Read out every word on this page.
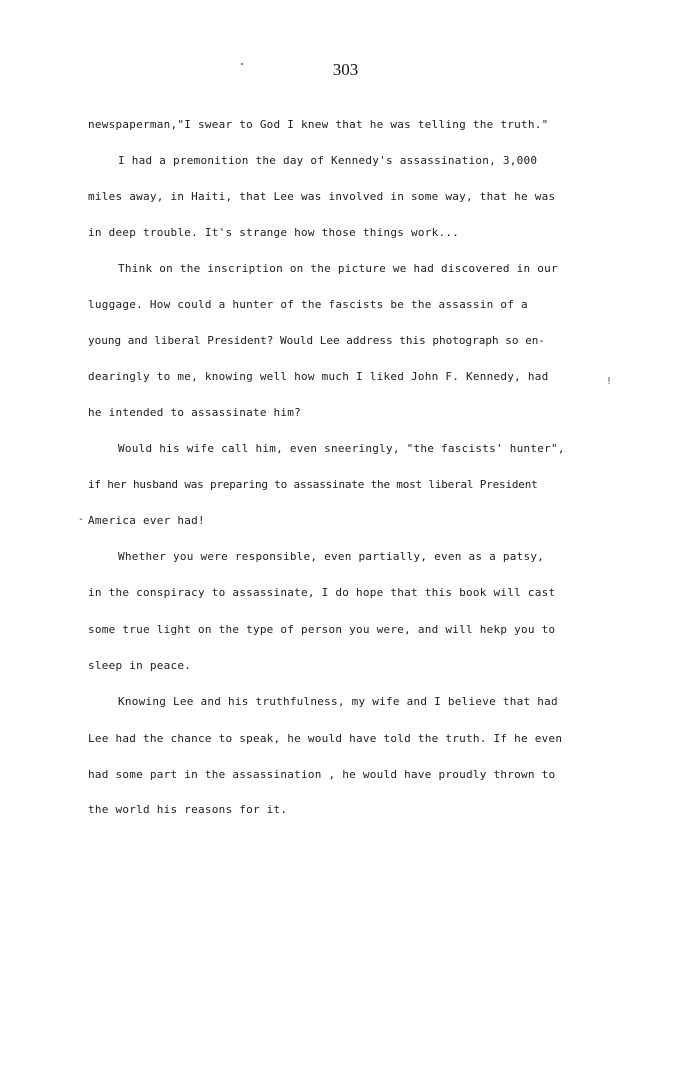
303
newspaperman,"I swear to God I knew that he was telling the truth."
I had a premonition the day of Kennedy's assassination, 3,000
miles away, in Haiti, that Lee was involved in some way, that he was
in deep trouble. It's strange how those things work...
Think on the inscription on the picture we had discovered in our
luggage. How could a hunter of the fascists be the assassin of a
young and liberal President? Would Lee address this photograph so en-
dearingly to me, knowing well how much I liked John F. Kennedy, had	!
he intended to assassinate him?
Would his wife call him, even sneeringly, "the fascists' hunter",
if her husband was preparing to assassinate the most liberal President
- America ever had!
Whether you were responsible, even partially, even as a patsy,
in the conspiracy to assassinate, I do hope that this book will cast
some true light on the type of person you were, and will hekp you to
sleep in peace.
Knowing Lee and his truthfulness, my wife and I believe that had
Lee had the chance to speak, he would have told the truth. If he even
had some part in the assassination , he would have proudly thrown to
the world his reasons for it.
